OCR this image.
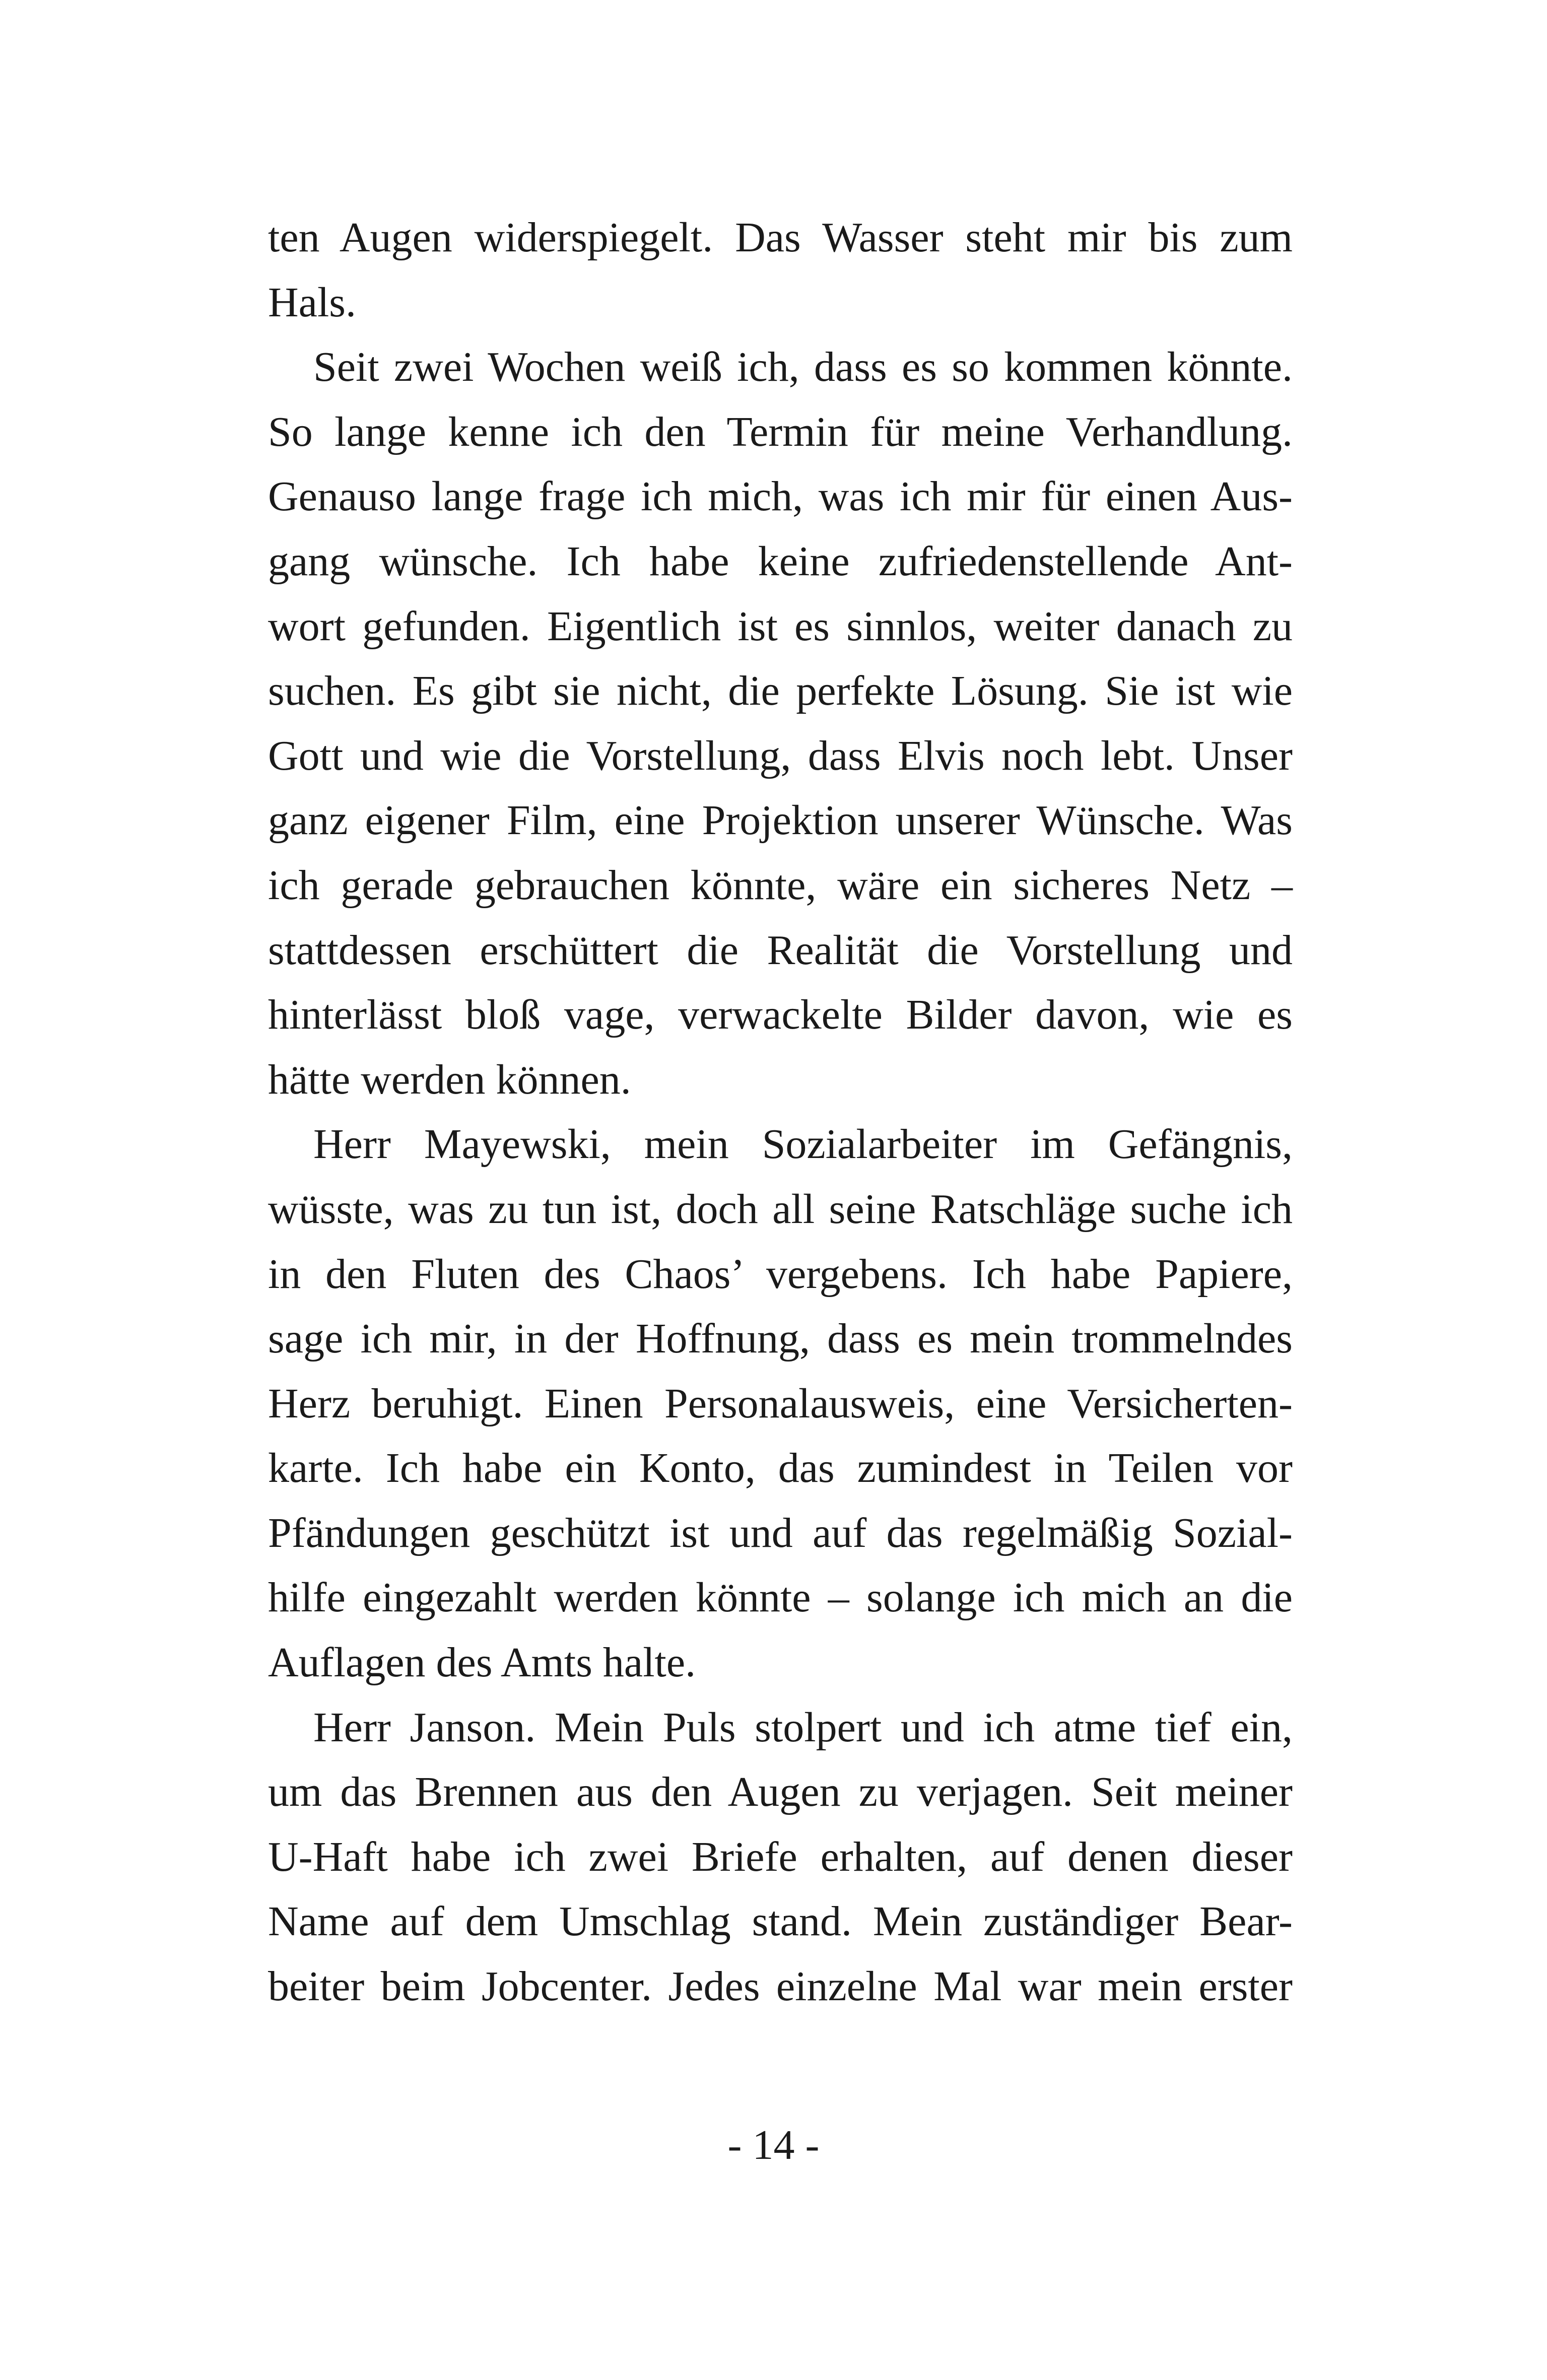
ten Augen widerspiegelt. Das Wasser steht mir bis zum
Hals.
Seit zwei Wochen weiß ich, dass es so kommen könnte.
So lange kenne ich den Termin für meine Verhandlung.
Genauso lange frage ich mich, was ich mir für einen Aus-
gang wünsche. Ich habe keine zufriedenstellende Ant-
wort gefunden. Eigentlich ist es sinnlos, weiter danach zu
suchen. Es gibt sie nicht, die perfekte Lösung. Sie ist wie
Gott und wie die Vorstellung, dass Elvis noch lebt. Unser
ganz eigener Film, eine Projektion unserer Wünsche. Was
ich gerade gebrauchen könnte, wäre ein sicheres Netz –
stattdessen erschüttert die Realität die Vorstellung und
hinterlässt bloß vage, verwackelte Bilder davon, wie es
hätte werden können.
Herr Mayewski, mein Sozialarbeiter im Gefängnis,
wüsste, was zu tun ist, doch all seine Ratschläge suche ich
in den Fluten des Chaos’ vergebens. Ich habe Papiere,
sage ich mir, in der Hoffnung, dass es mein trommelndes
Herz beruhigt. Einen Personalausweis, eine Versicherten-
karte. Ich habe ein Konto, das zumindest in Teilen vor
Pfändungen geschützt ist und auf das regelmäßig Sozial-
hilfe eingezahlt werden könnte – solange ich mich an die
Auflagen des Amts halte.
Herr Janson. Mein Puls stolpert und ich atme tief ein,
um das Brennen aus den Augen zu verjagen. Seit meiner
U-Haft habe ich zwei Briefe erhalten, auf denen dieser
Name auf dem Umschlag stand. Mein zuständiger Bear-
beiter beim Jobcenter. Jedes einzelne Mal war mein erster
- 14 -
